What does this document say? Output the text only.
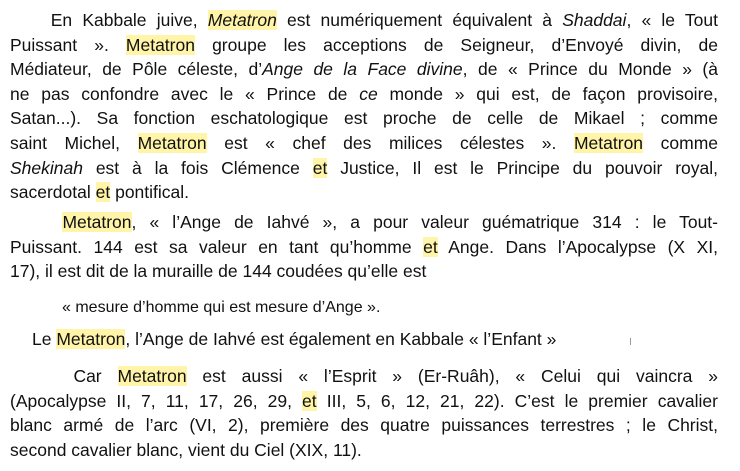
En Kabbale juive, Metatron est numériquement équivalent à Shaddai, « le Tout
Puissant ». Metatron groupe les acceptions de Seigneur, d’Envoyé divin, de
Médiateur, de Pôle céleste, d’Ange de la Face divine, de « Prince du Monde » (à
ne pas confondre avec le « Prince de ce monde » qui est, de façon provisoire,
Satan...). Sa fonction eschatologique est proche de celle de Mikael ; comme
saint Michel, Metatron est « chef des milices célestes ». Metatron comme
Shekinah est à la fois Clémence et Justice, Il est le Principe du pouvoir royal,
sacerdotal et pontifical.

Metatron, « l’Ange de Iahvé », a pour valeur guématrique 314 : le Tout-
Puissant. 144 est sa valeur en tant qu’homme et Ange. Dans l’Apocalypse (X XI,
17), il est dit de la muraille de 144 coudées qu’elle est

« mesure d’homme qui est mesure d’Ange ».

Le Metatron, l’Ange de Iahvé est également en Kabbale « l’Enfant »

Car Metatron est aussi « l’Esprit » (Er-Ruâh), « Celui qui vaincra »
(Apocalypse II, 7, 11, 17, 26, 29, et III, 5, 6, 12, 21, 22). C’est le premier cavalier
blanc armé de l’arc (VI, 2), première des quatre puissances terrestres ; le Christ,
second cavalier blanc, vient du Ciel (XIX, 11).
